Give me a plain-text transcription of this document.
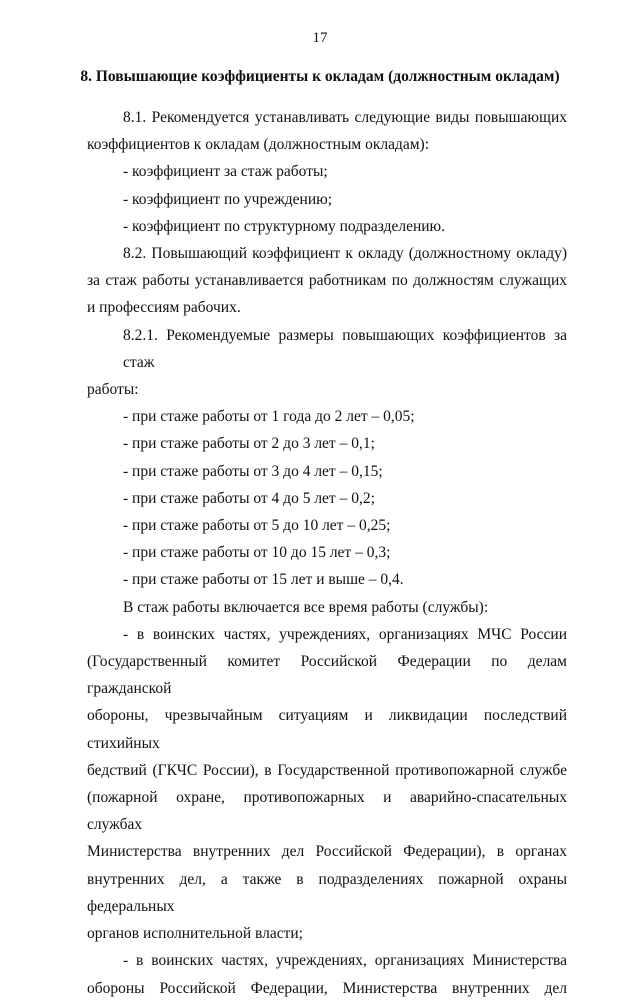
17
8. Повышающие коэффициенты к окладам (должностным окладам)

8.1. Рекомендуется устанавливать следующие виды повышающих
коэффициентов к окладам (должностным окладам):

- коэффициент за стаж работы;
- коэффициент по учреждению;
- коэффициент по структурному подразделению.

8.2. Повышающий коэффициент к окладу (должностному окладу)
за стаж работы устанавливается работникам по должностям служащих
и профессиям рабочих.

8.2.1. Рекомендуемые размеры повышающих коэффициентов за стаж
работы:

- при стаже работы от 1 года до 2 лет – 0,05;
- при стаже работы от 2 до 3 лет – 0,1;
- при стаже работы от 3 до 4 лет – 0,15;
- при стаже работы от 4 до 5 лет – 0,2;
- при стаже работы от 5 до 10 лет – 0,25;
- при стаже работы от 10 до 15 лет – 0,3;
- при стаже работы от 15 лет и выше – 0,4.

В стаж работы включается все время работы (службы):

- в воинских частях, учреждениях, организациях МЧС России
(Государственный комитет Российской Федерации по делам гражданской
обороны, чрезвычайным ситуациям и ликвидации последствий стихийных
бедствий (ГКЧС России), в Государственной противопожарной службе
(пожарной охране, противопожарных и аварийно-спасательных службах
Министерства внутренних дел Российской Федерации), в органах
внутренних дел, а также в подразделениях пожарной охраны федеральных
органов исполнительной власти;

- в воинских частях, учреждениях, организациях Министерства
обороны Российской Федерации, Министерства внутренних дел
